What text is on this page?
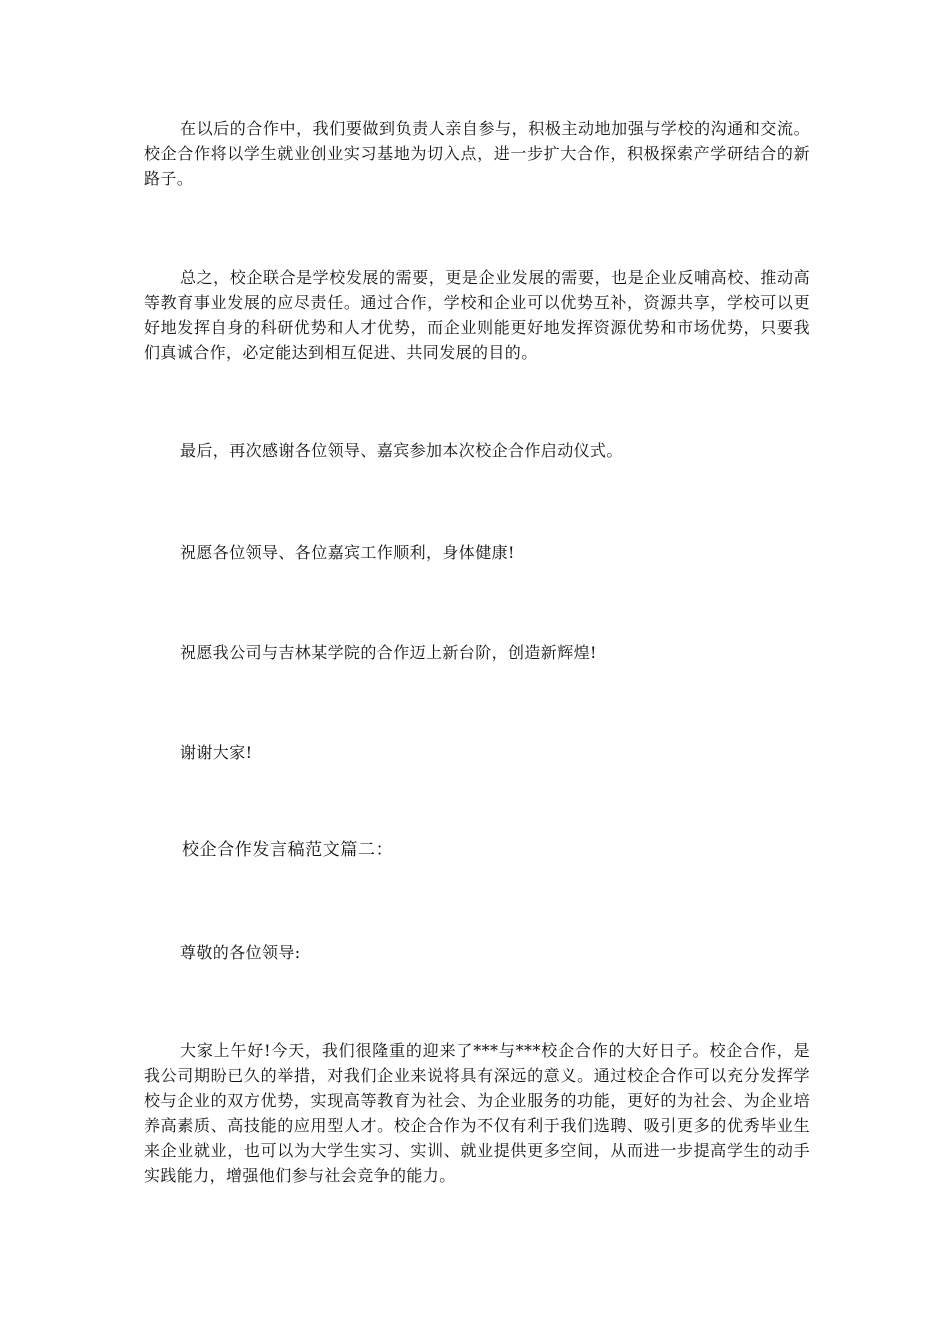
在以后的合作中，我们要做到负责人亲自参与，积极主动地加强与学校的沟通和交流。校企合作将以学生就业创业实习基地为切入点，进一步扩大合作，积极探索产学研结合的新路子。

总之，校企联合是学校发展的需要，更是企业发展的需要，也是企业反哺高校、推动高等教育事业发展的应尽责任。通过合作，学校和企业可以优势互补，资源共享，学校可以更好地发挥自身的科研优势和人才优势，而企业则能更好地发挥资源优势和市场优势，只要我们真诚合作，必定能达到相互促进、共同发展的目的。

最后，再次感谢各位领导、嘉宾参加本次校企合作启动仪式。

祝愿各位领导、各位嘉宾工作顺利，身体健康!

祝愿我公司与吉林某学院的合作迈上新台阶，创造新辉煌!

谢谢大家!

校企合作发言稿范文篇二：

尊敬的各位领导:

大家上午好!今天，我们很隆重的迎来了***与***校企合作的大好日子。校企合作，是我公司期盼已久的举措，对我们企业来说将具有深远的意义。通过校企合作可以充分发挥学校与企业的双方优势，实现高等教育为社会、为企业服务的功能，更好的为社会、为企业培养高素质、高技能的应用型人才。校企合作为不仅有利于我们选聘、吸引更多的优秀毕业生来企业就业，也可以为大学生实习、实训、就业提供更多空间，从而进一步提高学生的动手实践能力，增强他们参与社会竞争的能力。
